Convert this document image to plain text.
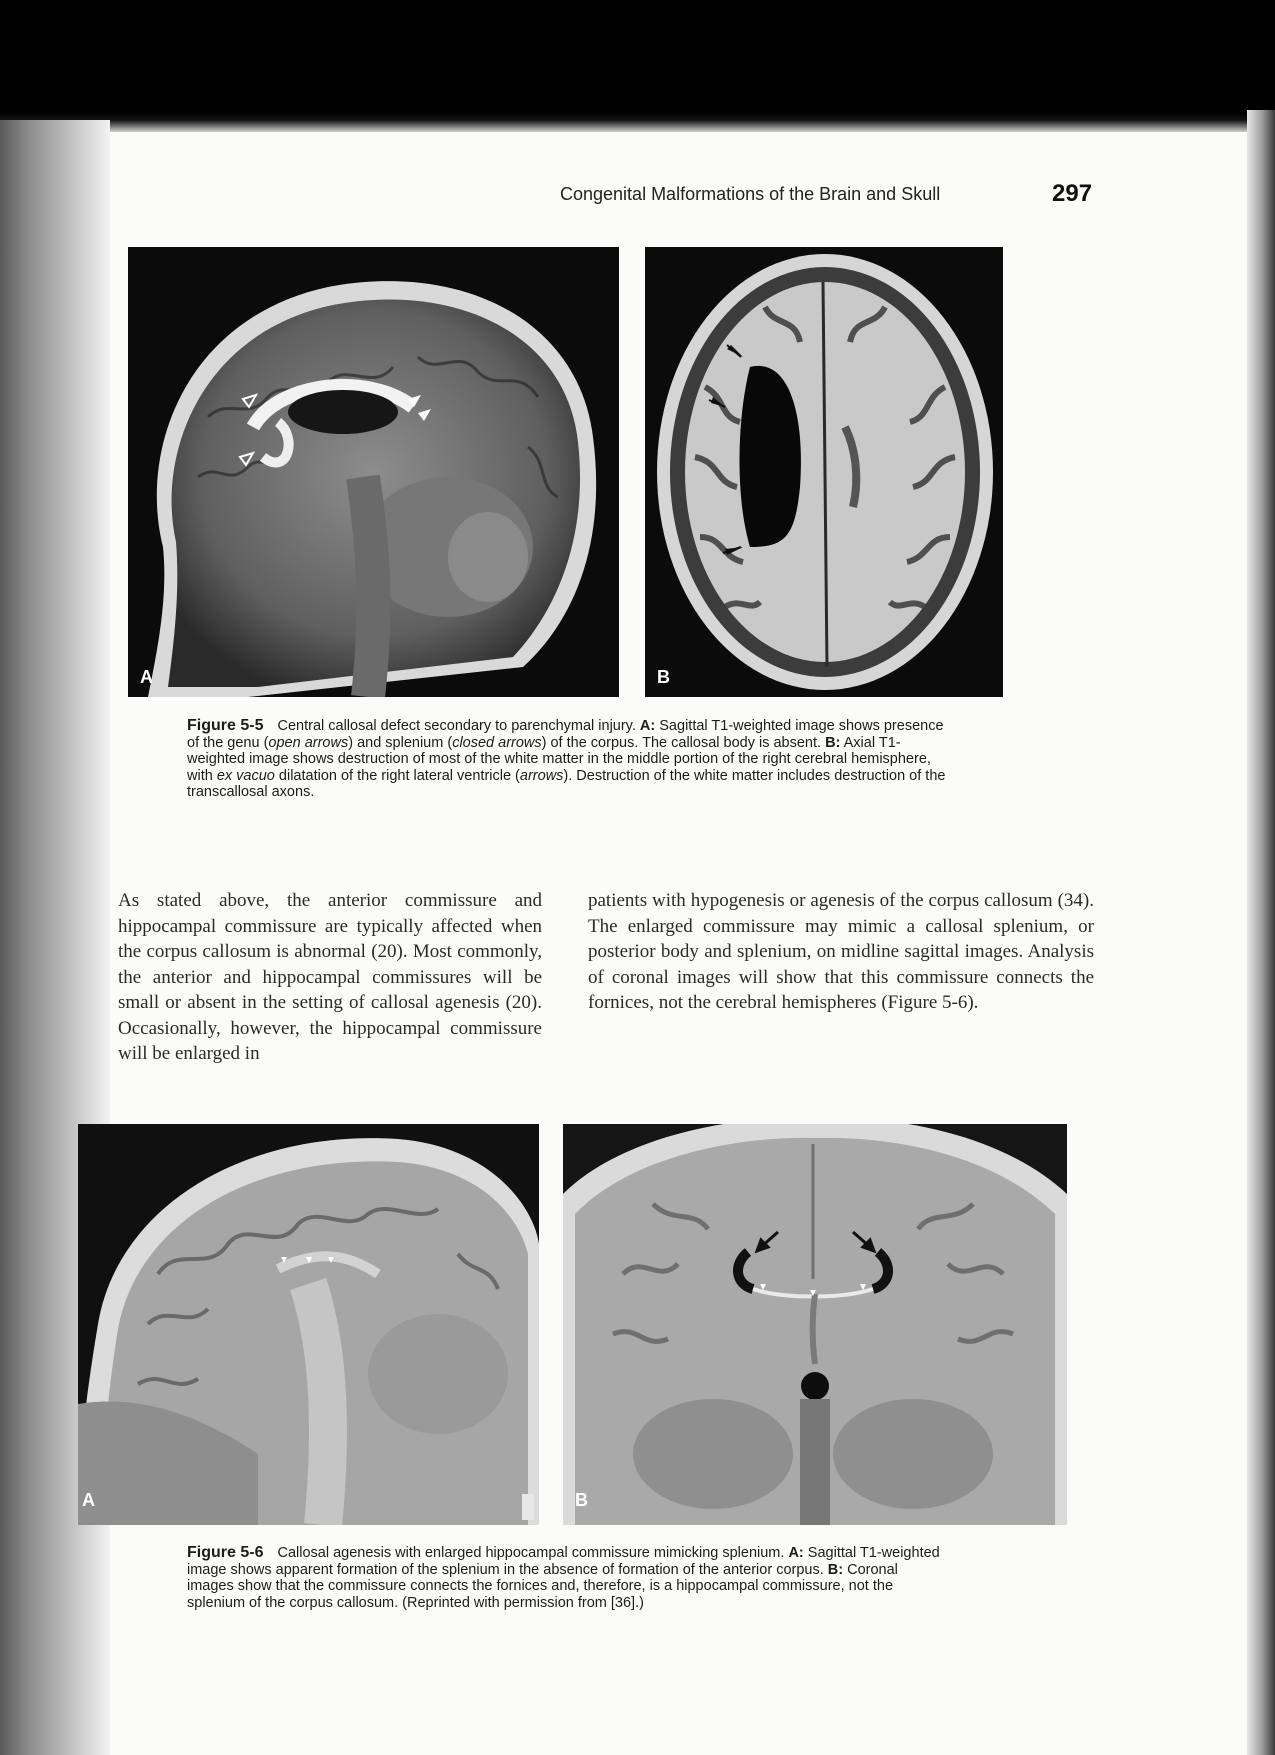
Congenital Malformations of the Brain and Skull	297
A	B
Figure 5-5 Central callosal defect secondary to parenchymal injury. A: Sagittal T1-weighted image shows presence of the genu (open arrows) and splenium (closed arrows) of the corpus. The callosal body is absent. B: Axial T1-weighted image shows destruction of most of the white matter in the middle portion of the right cerebral hemisphere, with ex vacuo dilatation of the right lateral ventricle (arrows). Destruction of the white matter includes destruction of the transcallosal axons.
As stated above, the anterior commissure and hippocampal commissure are typically affected when the corpus callosum is abnormal (20). Most commonly, the anterior and hippocampal commissures will be small or absent in the setting of callosal agenesis (20). Occasionally, however, the hippocampal commissure will be enlarged in
patients with hypogenesis or agenesis of the corpus callosum (34). The enlarged commissure may mimic a callosal splenium, or posterior body and splenium, on midline sagittal images. Analysis of coronal images will show that this commissure connects the fornices, not the cerebral hemispheres (Figure 5-6).
A	B
Figure 5-6 Callosal agenesis with enlarged hippocampal commissure mimicking splenium. A: Sagittal T1-weighted image shows apparent formation of the splenium in the absence of formation of the anterior corpus. B: Coronal images show that the commissure connects the fornices and, therefore, is a hippocampal commissure, not the splenium of the corpus callosum. (Reprinted with permission from [36].)
